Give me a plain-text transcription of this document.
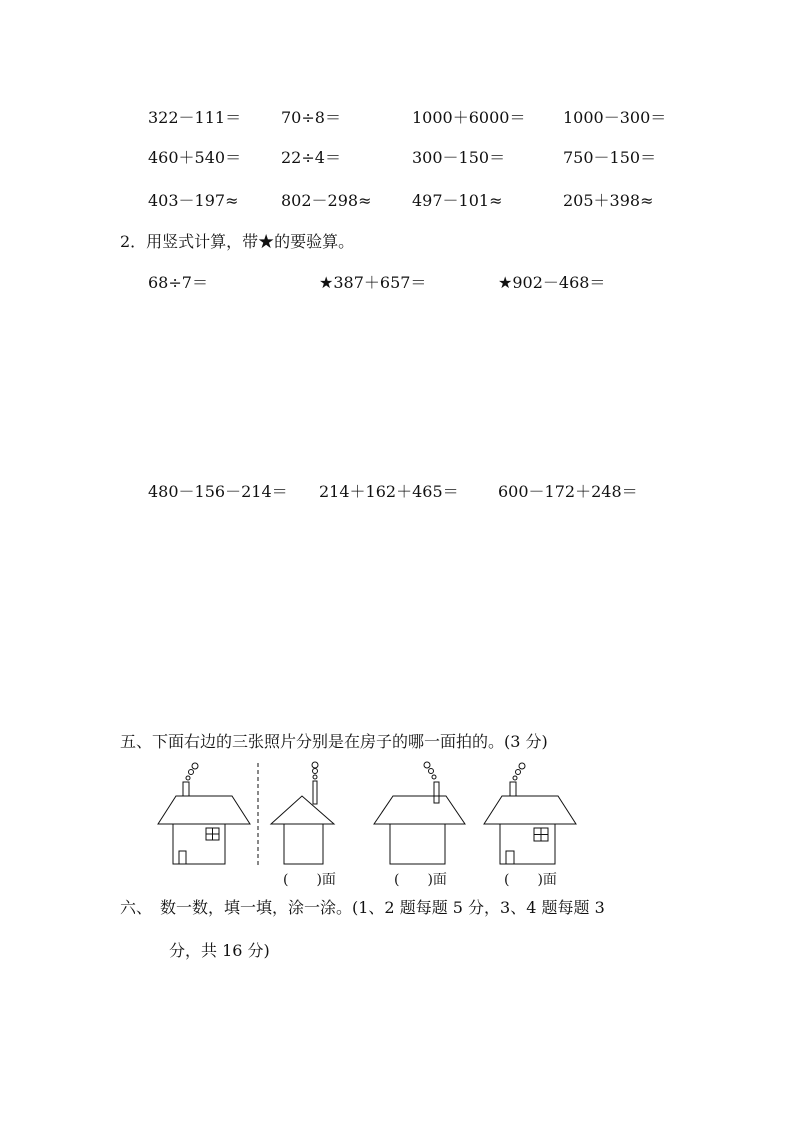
322－111＝ 70÷8＝	1000＋6000＝ 1000－300＝
460＋540＝ 22÷4＝	300－150＝	750－150＝
403－197≈	802－298≈	497－101≈	205＋398≈
2．用竖式计算，带★的要验算。
68÷7＝	★387＋657＝	★902－468＝
480－156－214＝ 214＋162＋465＝ 600－172＋248＝
五、下面右边的三张照片分别是在房子的哪一面拍的。(3 分)
(　　)面	(　　)面	(　　)面
六、　数一数，填一填，涂一涂。(1、2 题每题 5 分，3、4 题每题 3
分，共 16 分)
